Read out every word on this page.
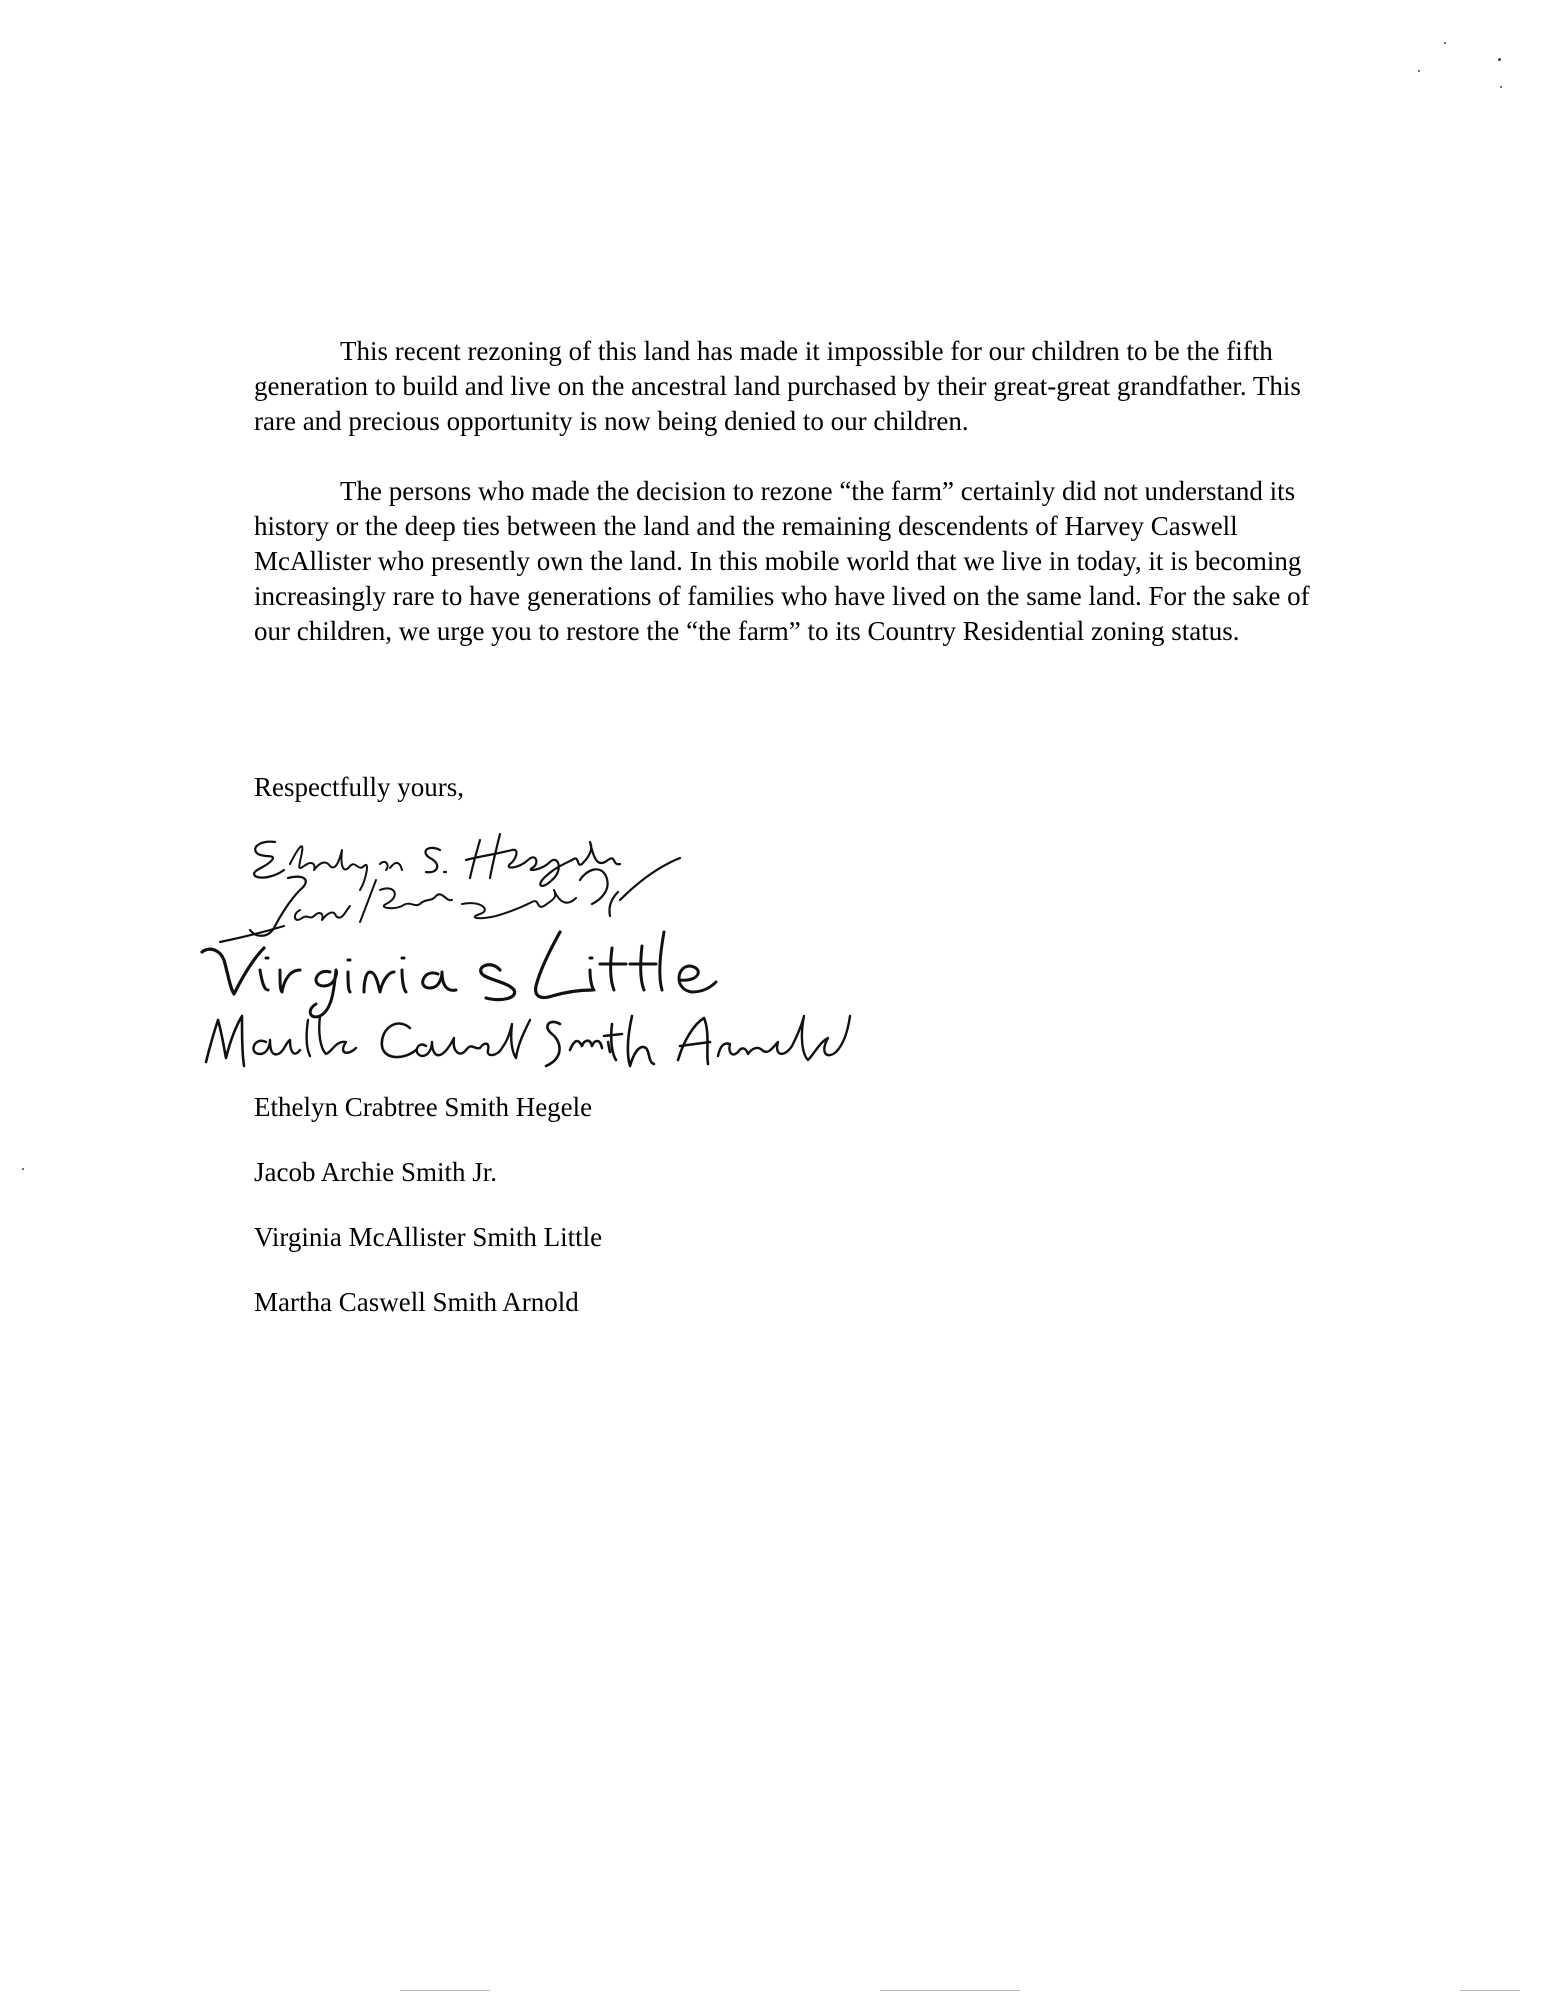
This recent rezoning of this land has made it impossible for our children to be the fifth generation to build and live on the ancestral land purchased by their great-great grandfather. This rare and precious opportunity is now being denied to our children.

The persons who made the decision to rezone “the farm” certainly did not understand its history or the deep ties between the land and the remaining descendents of Harvey Caswell McAllister who presently own the land. In this mobile world that we live in today, it is becoming increasingly rare to have generations of families who have lived on the same land. For the sake of our children, we urge you to restore the “the farm” to its Country Residential zoning status.

Respectfully yours,
Ethelyn Crabtree Smith Hegele
Jacob Archie Smith Jr.
Virginia McAllister Smith Little
Martha Caswell Smith Arnold
